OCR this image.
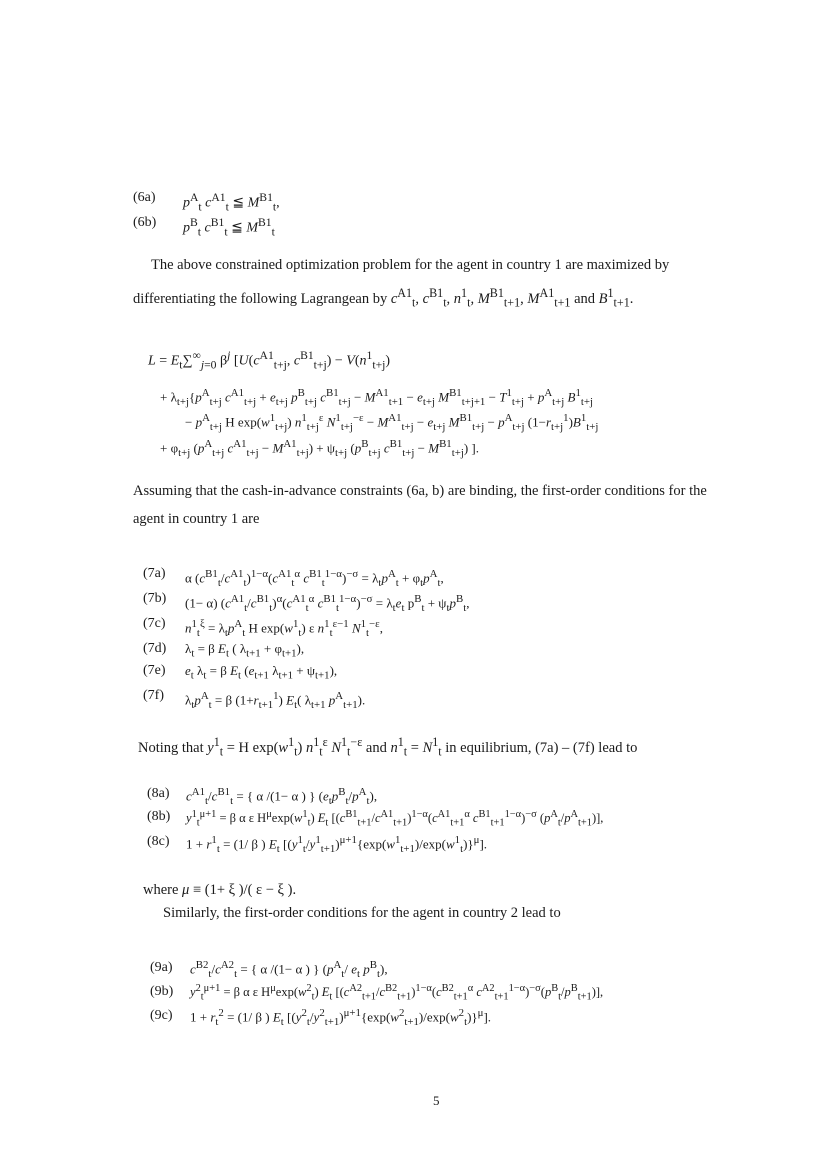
(6a) $p^A_t$ $c^{A1}_t$ ≦ $M^{B1}_t$,
(6b) $p^B_t$ $c^{B1}_t$ ≦ $M^{B1}_t$
The above constrained optimization problem for the agent in country 1 are maximized by differentiating the following Lagrangean by $c^{A1}_t$, $c^{B1}_t$, $n^1_t$, $M^{B1}_{t+1}$, $M^{A1}_{t+1}$ and $B^1_{t+1}$.
$L = E_t\sum^\infty_{j=0}$ $\beta^j$ [$U(c^{A1}_{t+j}$, $c^{B1}_{t+j}) - V(n^1_{t+j})$
+ $\lambda_{t+j}\{p^A_{t+j}$ $c^{A1}_{t+j} + e_{t+j}$ $p^B_{t+j}$ $c^{B1}_{t+j} - M^{A1}_{t+1} - e_{t+j}$ $M^{B1}_{t+j+1} - T^1_{t+j} + p^A_{t+j}$ $B^1_{t+j}$
− $p^A_{t+j}$ H $\exp(w^1_{t+j})$ $n^1_{t+j}^\varepsilon$ $N^1_{t+j}^{-\varepsilon} - M^{A1}_{t+j} - e_{t+j}$ $M^{B1}_{t+j} - p^A_{t+j}$ $(1-r_{t+j}^1)B^1_{t+j}$
+ $\varphi_{t+j}$ ($p^A_{t+j}$ $c^{A1}_{t+j} - M^{A1}_{t+j}) + \psi_{t+j}$ ($p^B_{t+j}$ $c^{B1}_{t+j} - M^{B1}_{t+j}$) ].
Assuming that the cash-in-advance constraints (6a, b) are binding, the first-order conditions for the agent in country 1 are
(7a) α $(c^{B1}_t/c^{A1}_t)^{1-\alpha}(c^{A1}_t^\alpha$ $c^{B1}_t^{1-\alpha})^{-\sigma} = \lambda_tp^A_t + \varphi_tp^A_t$,
(7b) (1− α) $(c^{A1}_t/c^{B1}_t)^\alpha(c^{A1}_t^\alpha$ $c^{B1}_t^{1-\alpha})^{-\sigma} = \lambda_te_t$ $p^B_t + \psi_tp^B_t$,
(7c) $n^1_t^\xi = \lambda_tp^A_t$ H $\exp(w^1_t)$ ε $n^1_t^{\varepsilon-1}$ $N^1_t^{-\varepsilon}$,
(7d) $\lambda_t = \beta$ $E_t$ ( $\lambda_{t+1} + \varphi_{t+1}$),
(7e) $e_t$ $\lambda_t = \beta$ $E_t$ ($e_{t+1}$ $\lambda_{t+1} + \psi_{t+1}$),
(7f) $\lambda_tp^A_t = \beta$ $(1+r_{t+1}^1)$ $E_t$( $\lambda_{t+1}$ $p^A_{t+1}$).
Noting that $y^1_t = H$ $\exp(w^1_t)$ $n^1_t^\varepsilon$ $N^1_t^{-\varepsilon}$ and $n^1_t = N^1_t$ in equilibrium, (7a) – (7f) lead to
(8a) $c^{A1}_t/c^{B1}_t$ = { α /(1− α ) } $(e_tp^B_t/p^A_t)$,
(8b) $y^1_t^{\mu+1} = \beta$ α ε $H^\mu\exp(w^1_t)$ $E_t$ [$(c^{B1}_{t+1}/c^{A1}_{t+1})^{1-\alpha}(c^{A1}_{t+1}^\alpha$ $c^{B1}_{t+1}^{1-\alpha})^{-\sigma}$ $(p^A_t/p^A_{t+1})$],
(8c) $1 + r^1_t = (1/$ β ) $E_t$ $[(y^1_t/y^1_{t+1})^{\mu+1}\{\exp(w^1_{t+1})/\exp(w^1_t)\}^\mu]$.
where μ ≡ (1+ ξ )/( ε − ξ ).
Similarly, the first-order conditions for the agent in country 2 lead to
(9a) $c^{B2}_t/c^{A2}_t$ = { α /(1− α ) } ($p^A_t/$ $e_t$ $p^B_t$),
(9b) $y^2_t^{\mu+1} = \beta$ α ε $H^\mu\exp(w^2_t)$ $E_t$ [$(c^{A2}_{t+1}/c^{B2}_{t+1})^{1-\alpha}(c^{B2}_{t+1}^\alpha$ $c^{A2}_{t+1}^{1-\alpha})^{-\sigma}(p^B_t/p^B_{t+1})$],
(9c) $1 + r_t^2 = (1/$ β ) $E_t$ $[(y^2_t/y^2_{t+1})^{\mu+1}\{\exp(w^2_{t+1})/\exp(w^2_t)\}^\mu]$.
5
